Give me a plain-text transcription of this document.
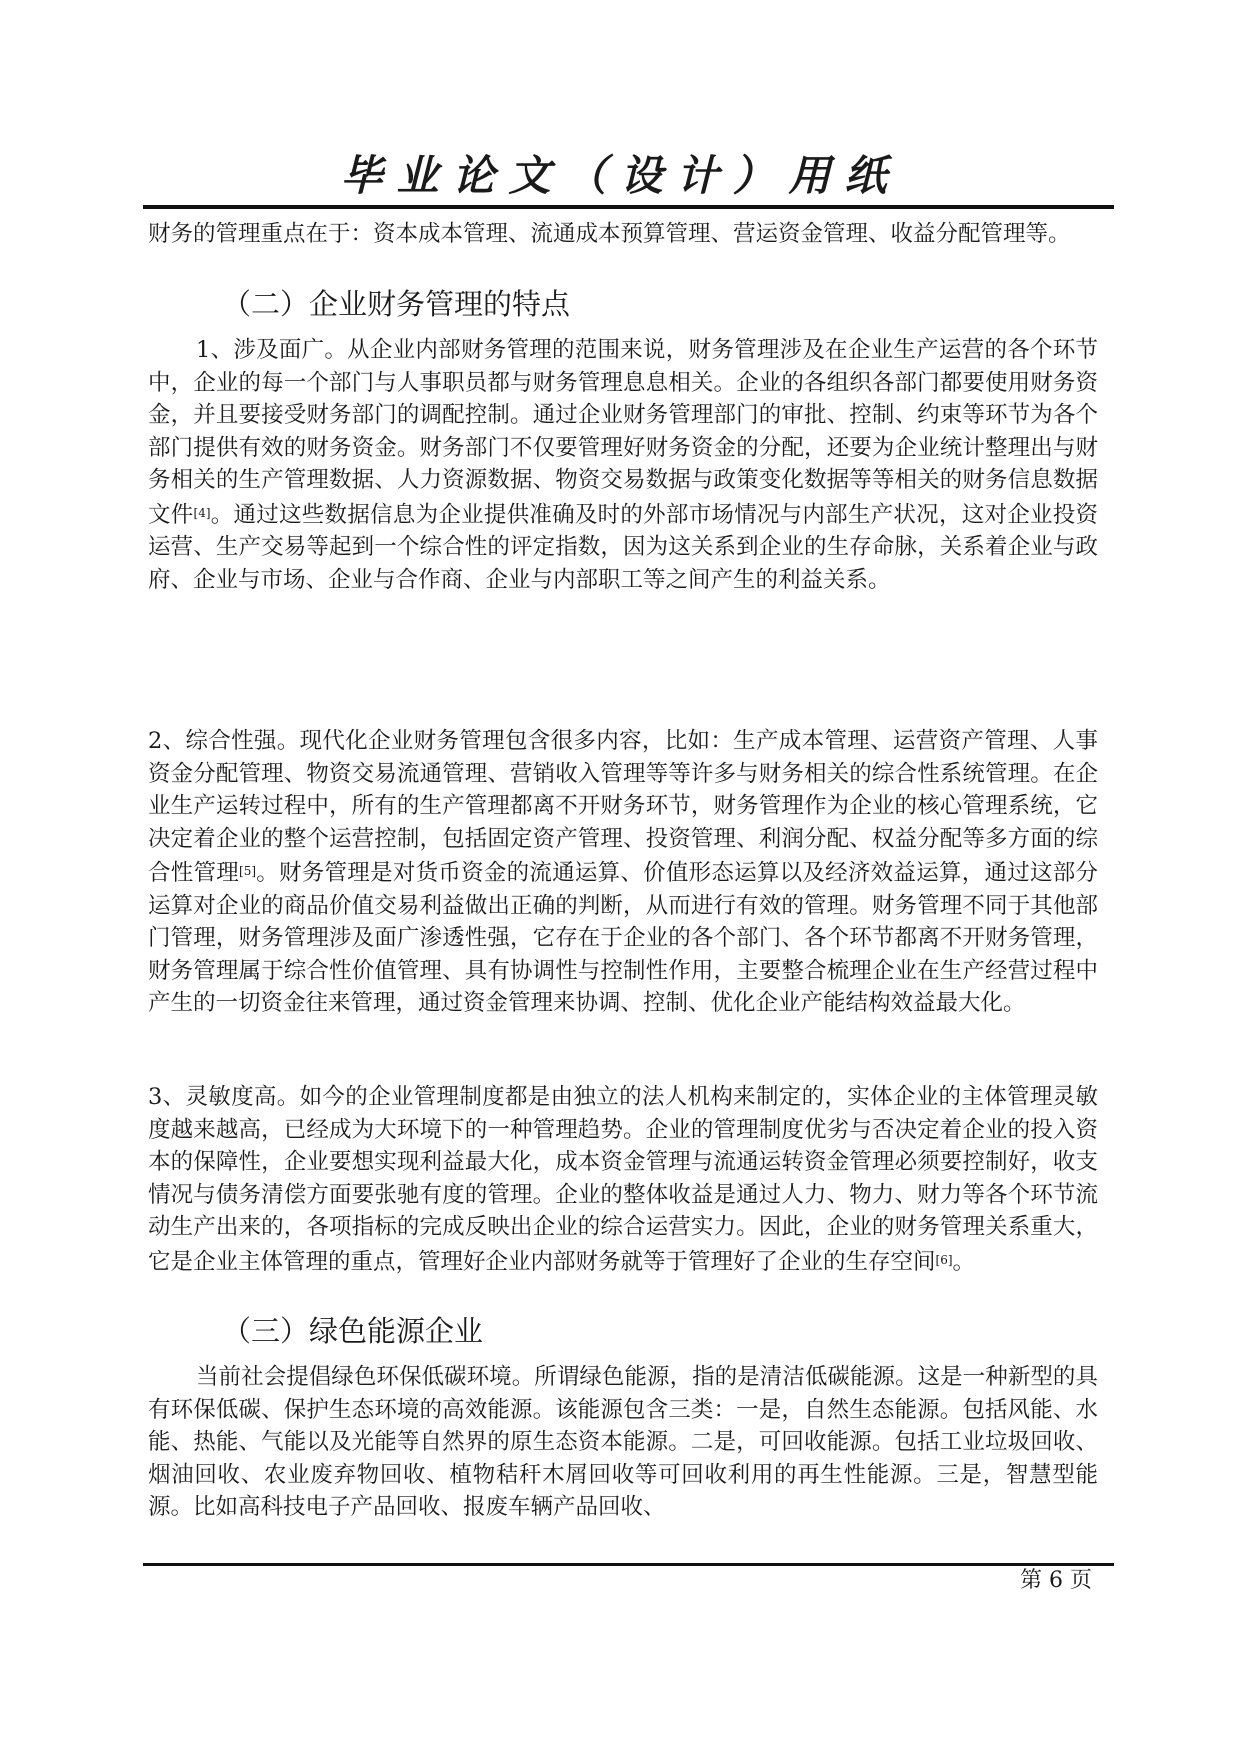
毕业论文（设计）用纸

财务的管理重点在于：资本成本管理、流通成本预算管理、营运资金管理、收益分配管理等。

（二）企业财务管理的特点

1、涉及面广。从企业内部财务管理的范围来说，财务管理涉及在企业生产运营的各个环节中，企业的每一个部门与人事职员都与财务管理息息相关。企业的各组织各部门都要使用财务资金，并且要接受财务部门的调配控制。通过企业财务管理部门的审批、控制、约束等环节为各个部门提供有效的财务资金。财务部门不仅要管理好财务资金的分配，还要为企业统计整理出与财务相关的生产管理数据、人力资源数据、物资交易数据与政策变化数据等等相关的财务信息数据文件[4]。通过这些数据信息为企业提供准确及时的外部市场情况与内部生产状况，这对企业投资运营、生产交易等起到一个综合性的评定指数，因为这关系到企业的生存命脉，关系着企业与政府、企业与市场、企业与合作商、企业与内部职工等之间产生的利益关系。

2、综合性强。现代化企业财务管理包含很多内容，比如：生产成本管理、运营资产管理、人事资金分配管理、物资交易流通管理、营销收入管理等等许多与财务相关的综合性系统管理。在企业生产运转过程中，所有的生产管理都离不开财务环节，财务管理作为企业的核心管理系统，它决定着企业的整个运营控制，包括固定资产管理、投资管理、利润分配、权益分配等多方面的综合性管理[5]。财务管理是对货币资金的流通运算、价值形态运算以及经济效益运算，通过这部分运算对企业的商品价值交易利益做出正确的判断，从而进行有效的管理。财务管理不同于其他部门管理，财务管理涉及面广渗透性强，它存在于企业的各个部门、各个环节都离不开财务管理，财务管理属于综合性价值管理、具有协调性与控制性作用，主要整合梳理企业在生产经营过程中产生的一切资金往来管理，通过资金管理来协调、控制、优化企业产能结构效益最大化。

3、灵敏度高。如今的企业管理制度都是由独立的法人机构来制定的，实体企业的主体管理灵敏度越来越高，已经成为大环境下的一种管理趋势。企业的管理制度优劣与否决定着企业的投入资本的保障性，企业要想实现利益最大化，成本资金管理与流通运转资金管理必须要控制好，收支情况与债务清偿方面要张驰有度的管理。企业的整体收益是通过人力、物力、财力等各个环节流动生产出来的，各项指标的完成反映出企业的综合运营实力。因此，企业的财务管理关系重大，它是企业主体管理的重点，管理好企业内部财务就等于管理好了企业的生存空间[6]。

（三）绿色能源企业

当前社会提倡绿色环保低碳环境。所谓绿色能源，指的是清洁低碳能源。这是一种新型的具有环保低碳、保护生态环境的高效能源。该能源包含三类：一是，自然生态能源。包括风能、水能、热能、气能以及光能等自然界的原生态资本能源。二是，可回收能源。包括工业垃圾回收、烟油回收、农业废弃物回收、植物秸秆木屑回收等可回收利用的再生性能源。三是，智慧型能源。比如高科技电子产品回收、报废车辆产品回收、

第 6 页
